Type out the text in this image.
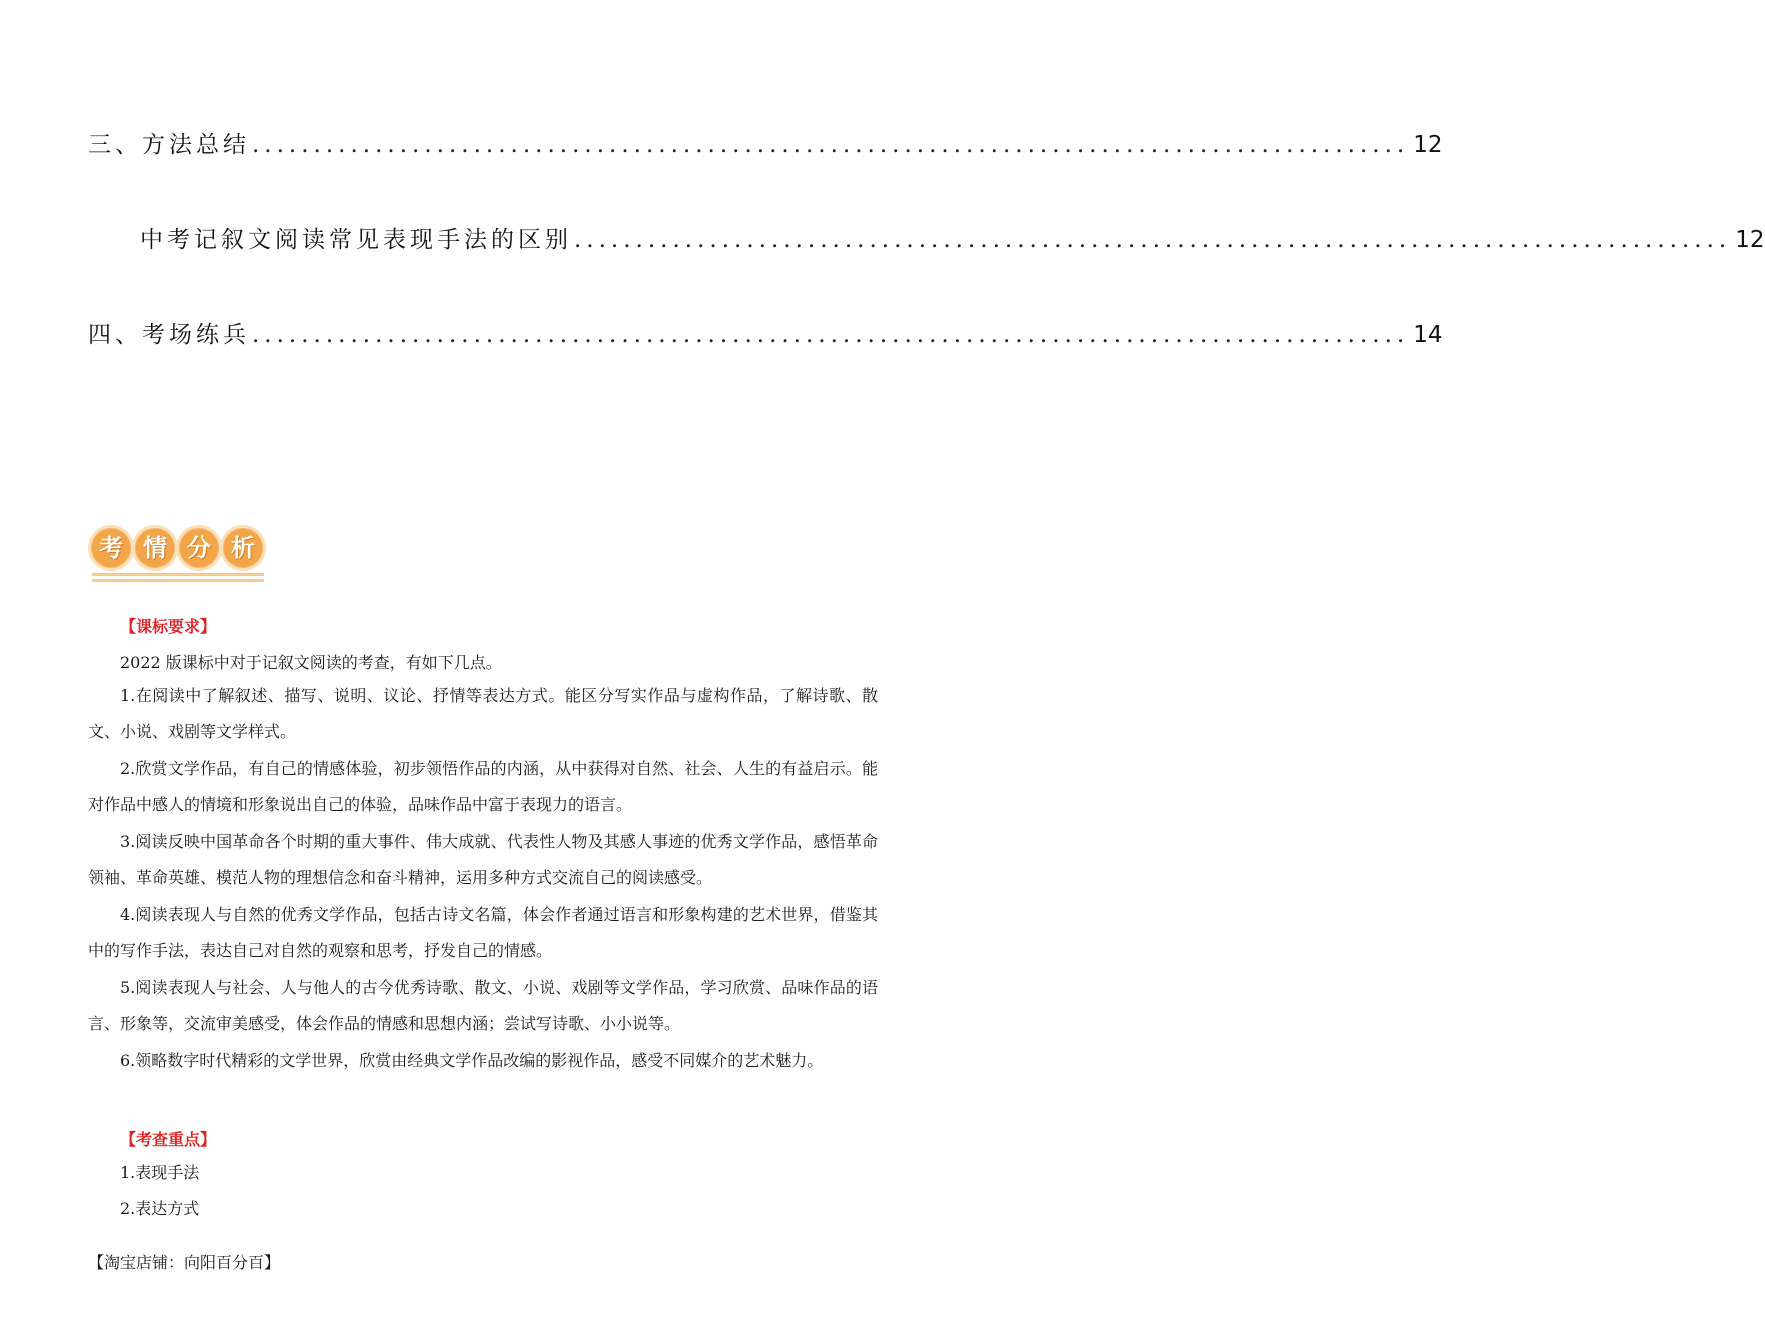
三、方法总结 .............................................................................................. 12
中考记叙文阅读常见表现手法的区别 .............................................................................................. 12
四、考场练兵 .............................................................................................. 14
考 情 分 析
【课标要求】
2022 版课标中对于记叙文阅读的考查，有如下几点。
1.在阅读中了解叙述、描写、说明、议论、抒情等表达方式。能区分写实作品与虚构作品，了解诗歌、散文、小说、戏剧等文学样式。
2.欣赏文学作品，有自己的情感体验，初步领悟作品的内涵，从中获得对自然、社会、人生的有益启示。能对作品中感人的情境和形象说出自己的体验，品味作品中富于表现力的语言。
3.阅读反映中国革命各个时期的重大事件、伟大成就、代表性人物及其感人事迹的优秀文学作品，感悟革命领袖、革命英雄、模范人物的理想信念和奋斗精神，运用多种方式交流自己的阅读感受。
4.阅读表现人与自然的优秀文学作品，包括古诗文名篇，体会作者通过语言和形象构建的艺术世界，借鉴其中的写作手法，表达自己对自然的观察和思考，抒发自己的情感。
5.阅读表现人与社会、人与他人的古今优秀诗歌、散文、小说、戏剧等文学作品，学习欣赏、品味作品的语言、形象等，交流审美感受，体会作品的情感和思想内涵；尝试写诗歌、小小说等。
6.领略数字时代精彩的文学世界，欣赏由经典文学作品改编的影视作品，感受不同媒介的艺术魅力。
【考查重点】
1.表现手法
2.表达方式
【淘宝店铺：向阳百分百】
